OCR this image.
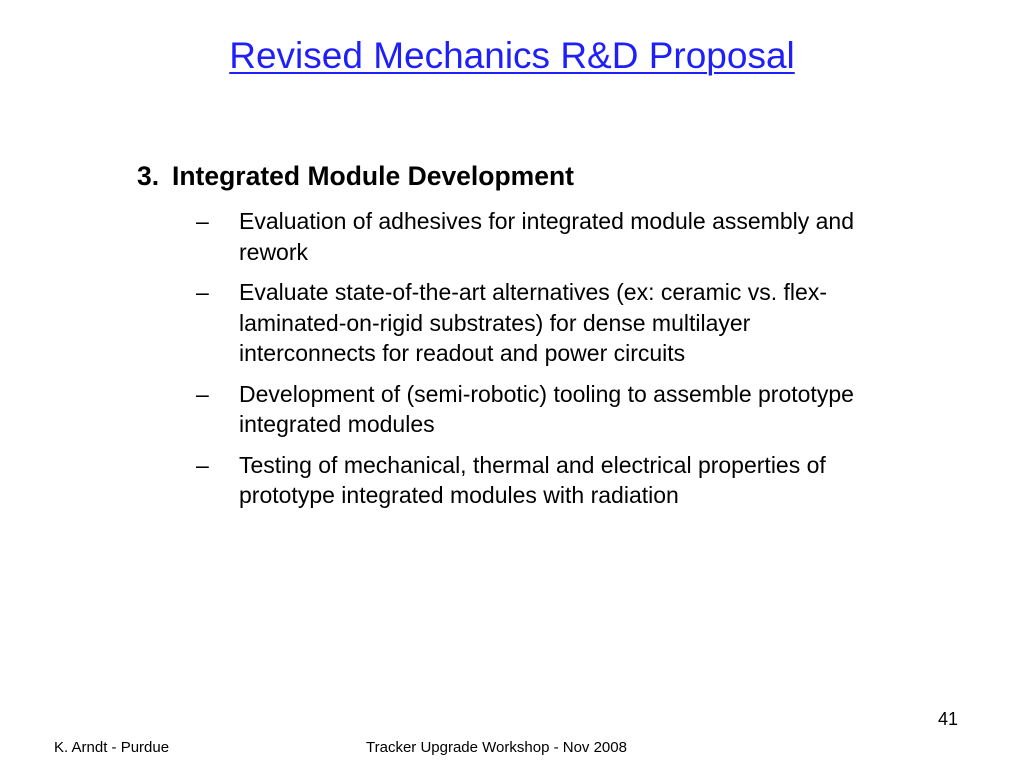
Revised Mechanics R&D Proposal
3. Integrated Module Development
– Evaluation of adhesives for integrated module assembly and rework
– Evaluate state-of-the-art alternatives (ex: ceramic vs. flex-laminated-on-rigid substrates) for dense multilayer interconnects for readout and power circuits
– Development of (semi-robotic) tooling to assemble prototype integrated modules
– Testing of mechanical, thermal and electrical properties of prototype integrated modules with radiation
41
K. Arndt - Purdue	Tracker Upgrade Workshop - Nov 2008
